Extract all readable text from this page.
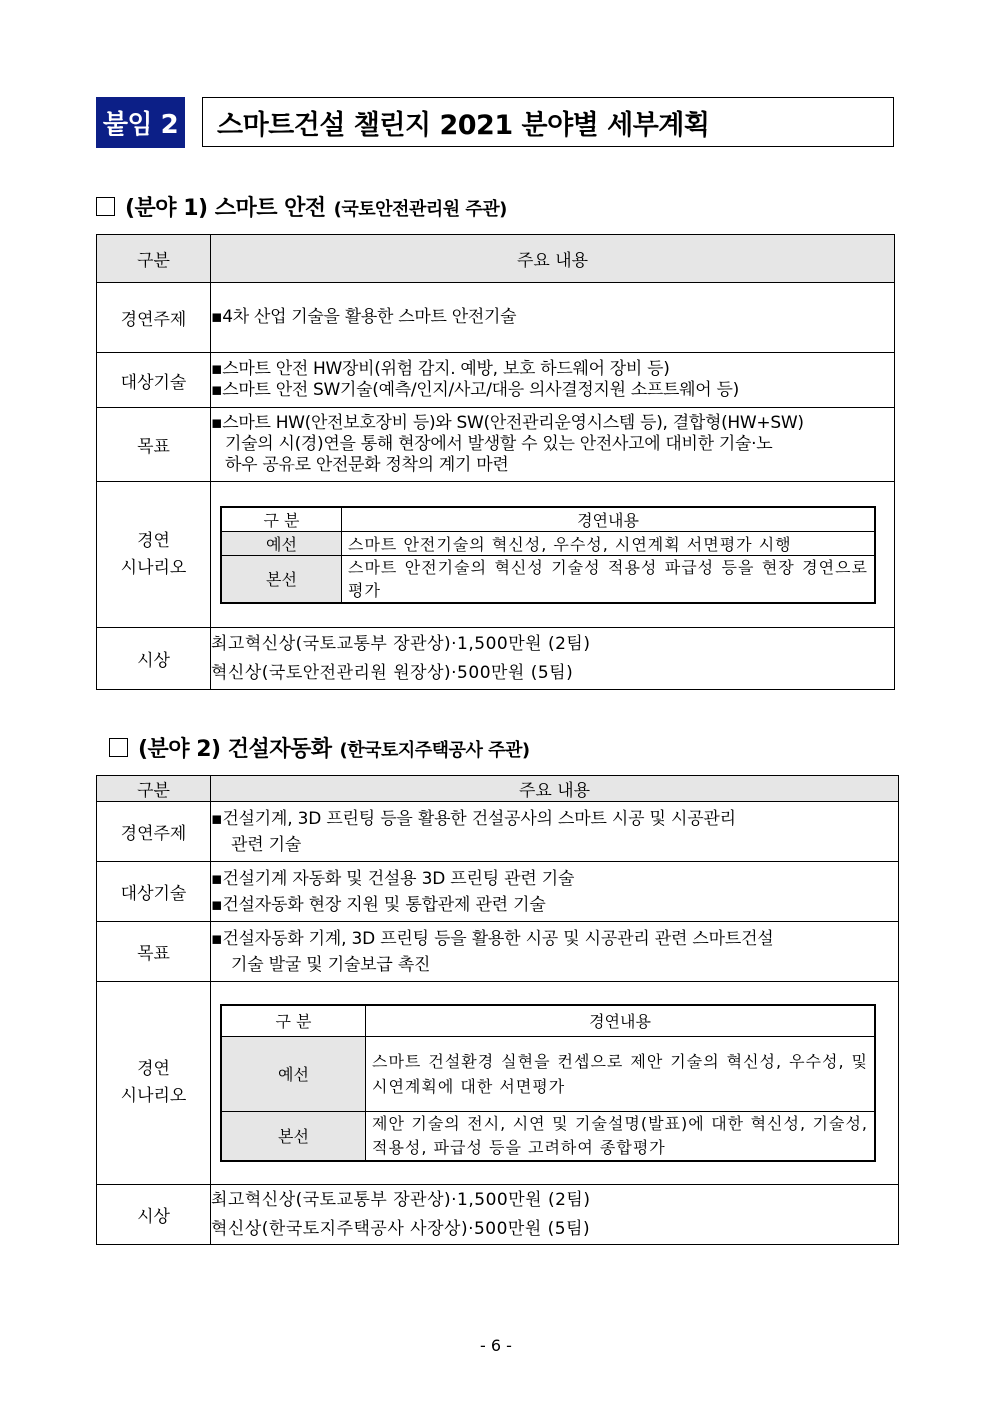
붙임 2	스마트건설 챌린지 2021 분야별 세부계획
(분야 1) 스마트 안전 (국토안전관리원 주관)
구분	주요 내용
경연주제	▪4차 산업 기술을 활용한 스마트 안전기술

대상기술	
▪스마트 안전 HW장비(위험 감지. 예방, 보호 하드웨어 장비 등)
▪스마트 안전 SW기술(예측/인지/사고/대응 의사결정지원 소프트웨어 등)

목표	
▪스마트 HW(안전보호장비 등)와 SW(안전관리운영시스템 등), 결합형(HW+SW)
기술의 시(경)연을 통해 현장에서 발생할 수 있는 안전사고에 대비한 기술·노
하우 공유로 안전문화 정착의 계기 마련

경연
시나리오

구 분	경연내용
예선	스마트 안전기술의 혁신성, 우수성, 시연계획 서면평가 시행
본선	스마트 안전기술의 혁신성 기술성 적용성 파급성 등을 현장 경연으로 평가

시상	
최고혁신상(국토교통부 장관상)·1,500만원 (2팀)
혁신상(국토안전관리원 원장상)·500만원 (5팀)
(분야 2) 건설자동화 (한국토지주택공사 주관)
구분	주요 내용
경연주제	
▪건설기계, 3D 프린팅 등을 활용한 건설공사의 스마트 시공 및 시공관리
관련 기술

대상기술	
▪건설기계 자동화 및 건설용 3D 프린팅 관련 기술
▪건설자동화 현장 지원 및 통합관제 관련 기술

목표	
▪건설자동화 기계, 3D 프린팅 등을 활용한 시공 및 시공관리 관련 스마트건설
기술 발굴 및 기술보급 촉진

경연
시나리오

구 분	경연내용
예선	스마트 건설환경 실현을 컨셉으로 제안 기술의 혁신성, 우수성, 및 시연계획에 대한 서면평가
본선	제안 기술의 전시, 시연 및 기술설명(발표)에 대한 혁신성, 기술성, 적용성, 파급성 등을 고려하여 종합평가

시상	
최고혁신상(국토교통부 장관상)·1,500만원 (2팀)
혁신상(한국토지주택공사 사장상)·500만원 (5팀)
- 6 -
